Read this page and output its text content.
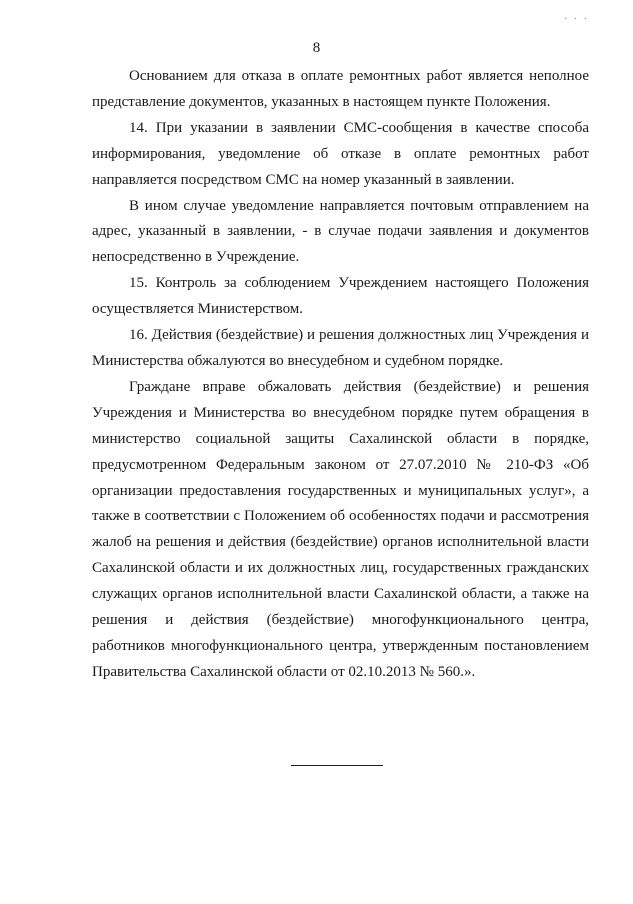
· · ·
8

Основанием для отказа в оплате ремонтных работ является неполное представление документов, указанных в настоящем пункте Положения.

14. При указании в заявлении СМС-сообщения в качестве способа информирования, уведомление об отказе в оплате ремонтных работ направляется посредством СМС на номер указанный в заявлении.

В ином случае уведомление направляется почтовым отправлением на адрес, указанный в заявлении, - в случае подачи заявления и документов непосредственно в Учреждение.

15. Контроль за соблюдением Учреждением настоящего Положения осуществляется Министерством.

16. Действия (бездействие) и решения должностных лиц Учреждения и Министерства обжалуются во внесудебном и судебном порядке.

Граждане вправе обжаловать действия (бездействие) и решения Учреждения и Министерства во внесудебном порядке путем обращения в министерство социальной защиты Сахалинской области в порядке, предусмотренном Федеральным законом от 27.07.2010 № 210-ФЗ «Об организации предоставления государственных и муниципальных услуг», а также в соответствии с Положением об особенностях подачи и рассмотрения жалоб на решения и действия (бездействие) органов исполнительной власти Сахалинской области и их должностных лиц, государственных гражданских служащих органов исполнительной власти Сахалинской области, а также на решения и действия (бездействие) многофункционального центра, работников многофункционального центра, утвержденным постановлением Правительства Сахалинской области от 02.10.2013 № 560.».
